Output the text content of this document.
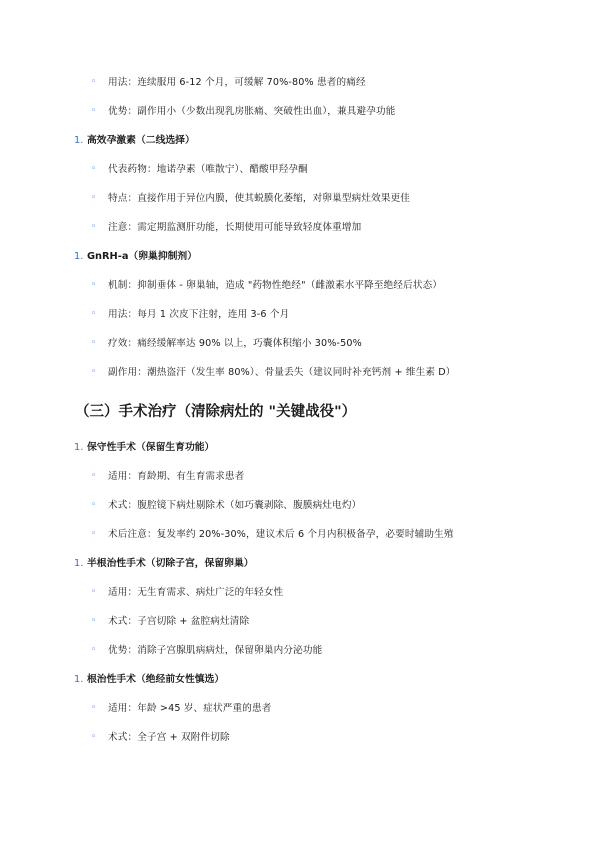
◦ 用法：连续服用 6-12 个月，可缓解 70%-80% 患者的痛经
◦ 优势：副作用小（少数出现乳房胀痛、突破性出血），兼具避孕功能
1. 高效孕激素（二线选择）
◦ 代表药物：地诺孕素（唯散宁）、醋酸甲羟孕酮
◦ 特点：直接作用于异位内膜，使其蜕膜化萎缩，对卵巢型病灶效果更佳
◦ 注意：需定期监测肝功能，长期使用可能导致轻度体重增加
1. GnRH-a（卵巢抑制剂）
◦ 机制：抑制垂体 - 卵巢轴，造成 "药物性绝经"（雌激素水平降至绝经后状态）
◦ 用法：每月 1 次皮下注射，连用 3-6 个月
◦ 疗效：痛经缓解率达 90% 以上，巧囊体积缩小 30%-50%
◦ 副作用：潮热盗汗（发生率 80%）、骨量丢失（建议同时补充钙剂 + 维生素 D）
（三）手术治疗（清除病灶的 "关键战役"）
1. 保守性手术（保留生育功能）
◦ 适用：育龄期、有生育需求患者
◦ 术式：腹腔镜下病灶剔除术（如巧囊剥除、腹膜病灶电灼）
◦ 术后注意：复发率约 20%-30%，建议术后 6 个月内积极备孕，必要时辅助生殖
1. 半根治性手术（切除子宫，保留卵巢）
◦ 适用：无生育需求、病灶广泛的年轻女性
◦ 术式：子宫切除 + 盆腔病灶清除
◦ 优势：消除子宫腺肌病病灶，保留卵巢内分泌功能
1. 根治性手术（绝经前女性慎选）
◦ 适用：年龄 >45 岁、症状严重的患者
◦ 术式：全子宫 + 双附件切除
